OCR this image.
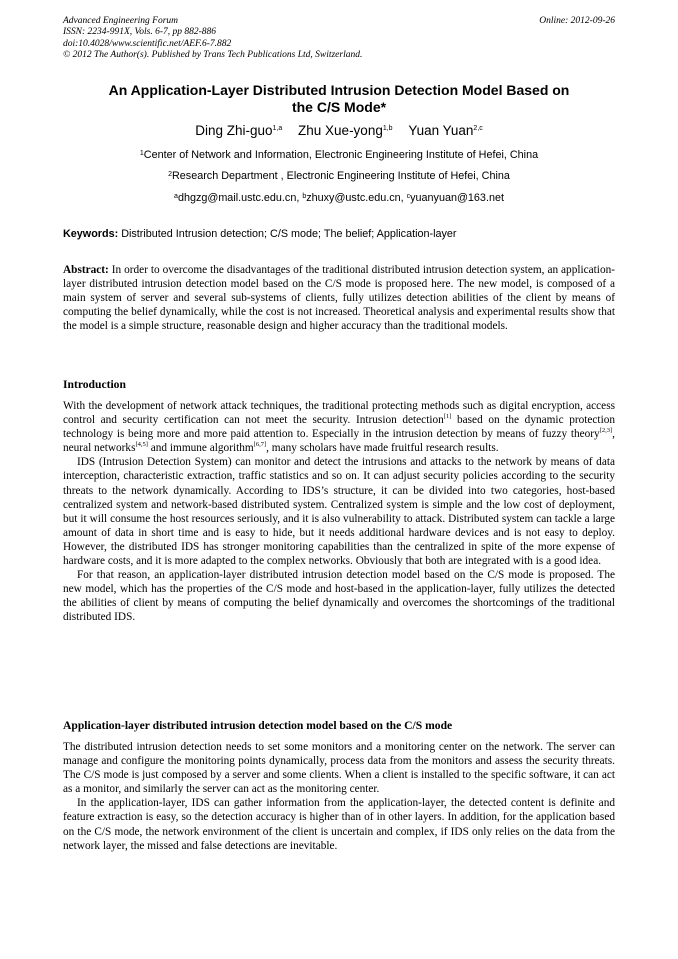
Advanced Engineering Forum	Online: 2012-09-26
ISSN: 2234-991X, Vols. 6-7, pp 882-886
doi:10.4028/www.scientific.net/AEF.6-7.882
© 2012 The Author(s). Published by Trans Tech Publications Ltd, Switzerland.
An Application-Layer Distributed Intrusion Detection Model Based on
the C/S Mode*
Ding Zhi-guo$^{1,a}$ Zhu Xue-yong$^{1,b}$ Yuan Yuan$^{2,c}$
$^1$Center of Network and Information, Electronic Engineering Institute of Hefei, China
$^2$Research Department , Electronic Engineering Institute of Hefei, China
$^a$dhgzg@mail.ustc.edu.cn, $^b$zhuxy@ustc.edu.cn, $^c$yuanyuan@163.net
Keywords: Distributed Intrusion detection; C/S mode; The belief; Application-layer

Abstract: In order to overcome the disadvantages of the traditional distributed intrusion detection system, an application-layer distributed intrusion detection model based on the C/S mode is proposed here. The new model, is composed of a main system of server and several sub-systems of clients, fully utilizes detection abilities of the client by means of computing the belief dynamically, while the cost is not increased. Theoretical analysis and experimental results show that the model is a simple structure, reasonable design and higher accuracy than the traditional models.

Introduction

With the development of network attack techniques, the traditional protecting methods such as digital encryption, access control and security certification can not meet the security. Intrusion detection[1] based on the dynamic protection technology is being more and more paid attention to. Especially in the intrusion detection by means of fuzzy theory[2,3], neural networks[4,5] and immune algorithm[6,7], many scholars have made fruitful research results.

IDS (Intrusion Detection System) can monitor and detect the intrusions and attacks to the network by means of data interception, characteristic extraction, traffic statistics and so on. It can adjust security policies according to the security threats to the network dynamically. According to IDS’s structure, it can be divided into two categories, host-based centralized system and network-based distributed system. Centralized system is simple and the low cost of deployment, but it will consume the host resources seriously, and it is also vulnerability to attack. Distributed system can tackle a large amount of data in short time and is easy to hide, but it needs additional hardware devices and is not easy to deploy. However, the distributed IDS has stronger monitoring capabilities than the centralized in spite of the more expense of hardware costs, and it is more adapted to the complex networks. Obviously that both are integrated with is a good idea.

For that reason, an application-layer distributed intrusion detection model based on the C/S mode is proposed. The new model, which has the properties of the C/S mode and host-based in the application-layer, fully utilizes the detected the abilities of client by means of computing the belief dynamically and overcomes the shortcomings of the traditional distributed IDS.

Application-layer distributed intrusion detection model based on the C/S mode

The distributed intrusion detection needs to set some monitors and a monitoring center on the network. The server can manage and configure the monitoring points dynamically, process data from the monitors and assess the security threats. The C/S mode is just composed by a server and some clients. When a client is installed to the specific software, it can act as a monitor, and similarly the server can act as the monitoring center.

In the application-layer, IDS can gather information from the application-layer, the detected content is definite and feature extraction is easy, so the detection accuracy is higher than of in other layers. In addition, for the application based on the C/S mode, the network environment of the client is uncertain and complex, if IDS only relies on the data from the network layer, the missed and false detections are inevitable.
